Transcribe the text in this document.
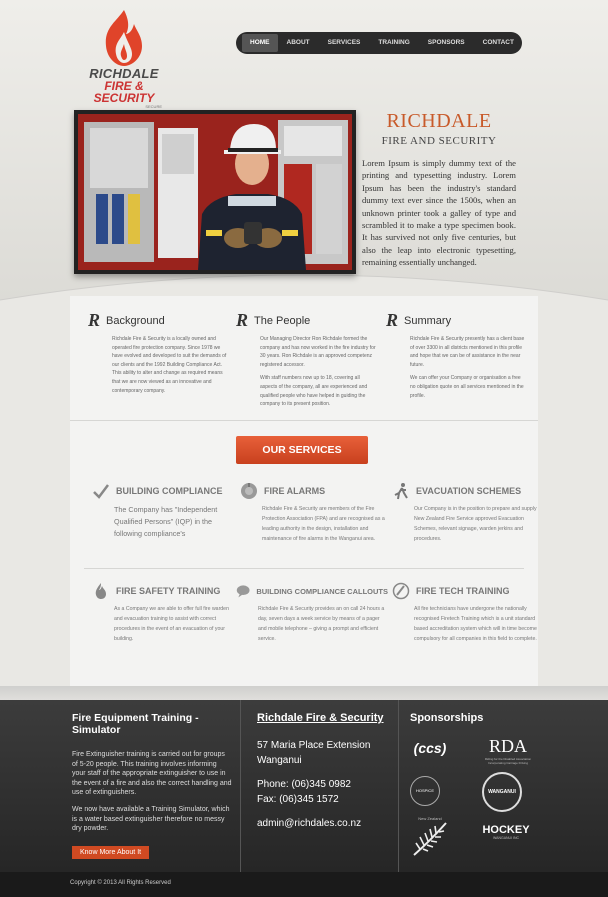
RICHDALE
FIRE & SECURITY
SECURE
HOME	ABOUT	SERVICES	TRAINING	SPONSORS	CONTACT
RICHDALE
FIRE AND SECURITY
Lorem Ipsum is simply dummy text of the printing and typesetting industry. Lorem Ipsum has been the industry's standard dummy text ever since the 1500s, when an unknown printer took a galley of type and scrambled it to make a type specimen book. It has survived not only five centuries, but also the leap into electronic typesetting, remaining essentially unchanged.
R Background

Richdale Fire & Security is a locally owned and operated fire protection company. Since 1978 we have evolved and developed to suit the demands of our clients and the 1992 Building Compliance Act. This ability to alter and change as required means that we are now viewed as an innovative and contemporary company.

R The People

Our Managing Director Ron Richdale formed the company and has now worked in the fire industry for 30 years. Ron Richdale is an approved competenz registered accessor.

With staff numbers now up to 18, covering all aspects of the company, all are experienced and qualified people who have helped in guiding the company to its present position.

R Summary

Richdale Fire & Security presently has a client base of over 3300 in all districts mentioned in this profile and hope that we can be of assistance in the near future.

We can offer your Company or organisation a free no obligation quote on all services mentioned in the profile.

OUR SERVICES
BUILDING COMPLIANCE
The Company has "Independent Qualified Persons" (IQP) in the following compliance's
FIRE ALARMS
Richdale Fire & Security are members of the Fire Protection Association (FPA) and are recognised as a leading authority in the design, installation and maintenance of fire alarms in the Wanganui area.
EVACUATION SCHEMES
Our Company is in the position to prepare and supply New Zealand Fire Service approved Evacuation Schemes, relevant signage, warden jerkins and procedures.
FIRE SAFETY TRAINING
As a Company we are able to offer full fire warden and evacuation training to assist with correct procedures in the event of an evacuation of your building.
BUILDING COMPLIANCE CALLOUTS
Richdale Fire & Security provides an on call 24 hours a day, seven days a week service by means of a pager and mobile telephone – giving a prompt and efficient service.
FIRE TECH TRAINING
All fire technicians have undergone the nationally recognised Firetech Training which is a unit standard based accreditation system which will in time become compulsory for all companies in this field to complete.
Fire Equipment Training - Simulator

Fire Extinguisher training is carried out for groups of 5-20 people. This training involves informing your staff of the appropriate extinguisher to use in the event of a fire and also the correct handling and use of extinguishers.

We now have available a Training Simulator, which is a water based extinguisher therefore no messy dry powder.

Know More About It
Richdale Fire & Security

57 Maria Place Extension

Wanganui

Phone: (06)345 0982

Fax: (06)345 1572

admin@richdales.co.nz

Sponsorships
(ccs)	RDA
Riding for the Disabled Association Incorporating Carriage Driving
HOSPICE	WANGANUI
New Zealand
HOCKEY
WANGANUI INC
Copyright © 2013 All Rights Reserved
